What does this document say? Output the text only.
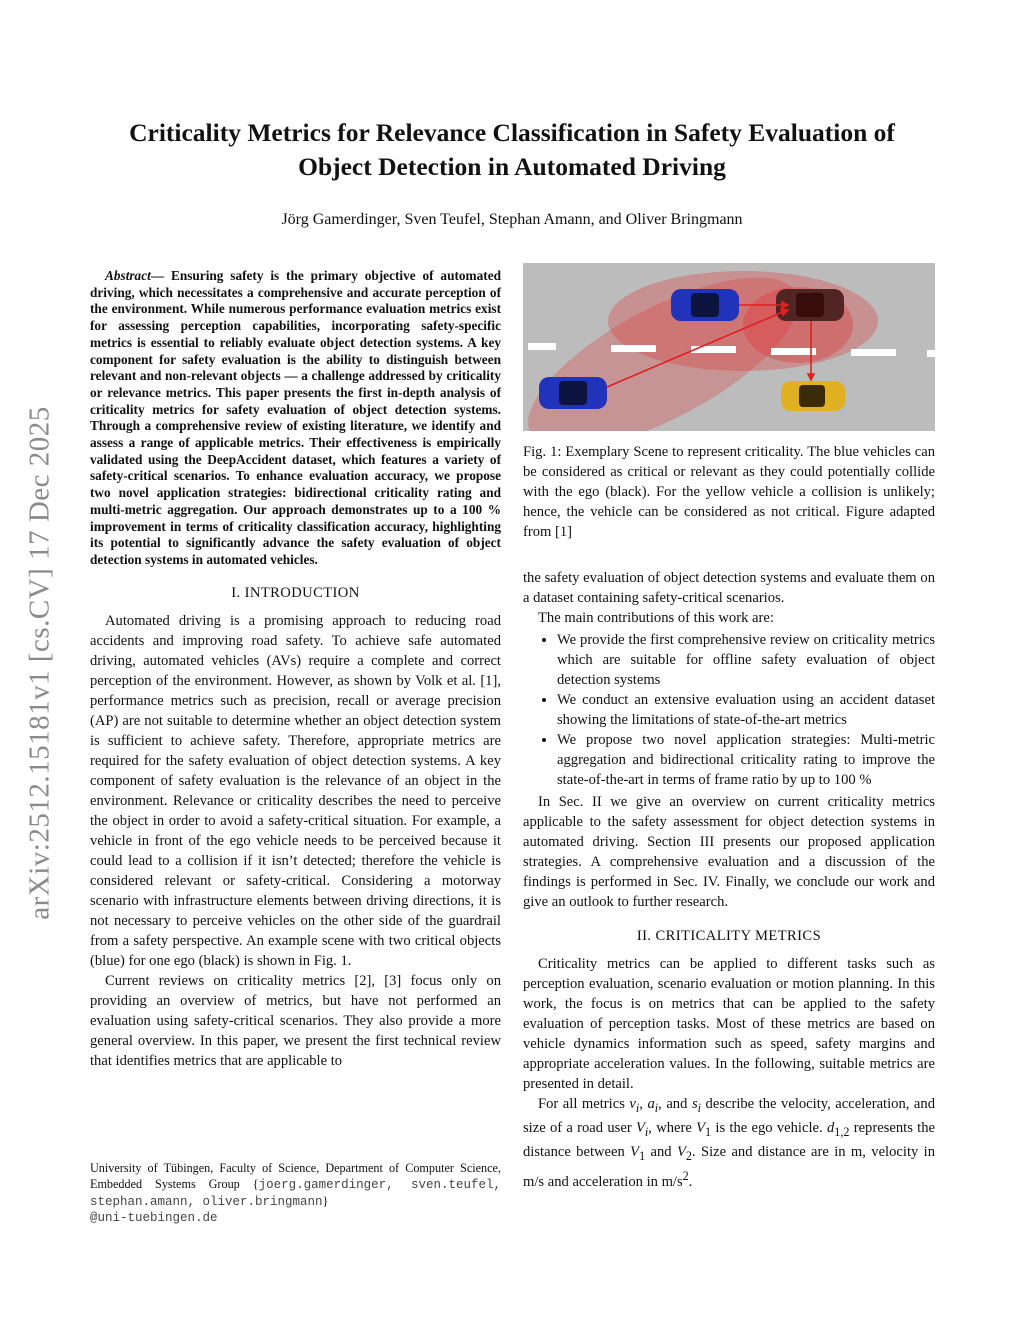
arXiv:2512.15181v1 [cs.CV] 17 Dec 2025
Criticality Metrics for Relevance Classification in Safety Evaluation of
Object Detection in Automated Driving
Jörg Gamerdinger, Sven Teufel, Stephan Amann, and Oliver Bringmann

Abstract— Ensuring safety is the primary objective of automated driving, which necessitates a comprehensive and accurate perception of the environment. While numerous performance evaluation metrics exist for assessing perception capabilities, incorporating safety-specific metrics is essential to reliably evaluate object detection systems. A key component for safety evaluation is the ability to distinguish between relevant and non-relevant objects — a challenge addressed by criticality or relevance metrics. This paper presents the first in-depth analysis of criticality metrics for safety evaluation of object detection systems. Through a comprehensive review of existing literature, we identify and assess a range of applicable metrics. Their effectiveness is empirically validated using the DeepAccident dataset, which features a variety of safety-critical scenarios. To enhance evaluation accuracy, we propose two novel application strategies: bidirectional criticality rating and multi-metric aggregation. Our approach demonstrates up to a 100 % improvement in terms of criticality classification accuracy, highlighting its potential to significantly advance the safety evaluation of object detection systems in automated vehicles.

I. INTRODUCTION

Automated driving is a promising approach to reducing road accidents and improving road safety. To achieve safe automated driving, automated vehicles (AVs) require a complete and correct perception of the environment. However, as shown by Volk et al. [1], performance metrics such as precision, recall or average precision (AP) are not suitable to determine whether an object detection system is sufficient to achieve safety. Therefore, appropriate metrics are required for the safety evaluation of object detection systems. A key component of safety evaluation is the relevance of an object in the environment. Relevance or criticality describes the need to perceive the object in order to avoid a safety-critical situation. For example, a vehicle in front of the ego vehicle needs to be perceived because it could lead to a collision if it isn’t detected; therefore the vehicle is considered relevant or safety-critical. Considering a motorway scenario with infrastructure elements between driving directions, it is not necessary to perceive vehicles on the other side of the guardrail from a safety perspective. An example scene with two critical objects (blue) for one ego (black) is shown in Fig. 1.

Current reviews on criticality metrics [2], [3] focus only on providing an overview of metrics, but have not performed an evaluation using safety-critical scenarios. They also provide a more general overview. In this paper, we present the first technical review that identifies metrics that are applicable to

University of Tübingen, Faculty of Science, Department of Computer Science, Embedded Systems Group {joerg.gamerdinger, sven.teufel, stephan.amann, oliver.bringmann}
@uni-tuebingen.de
Fig. 1: Exemplary Scene to represent criticality. The blue vehicles can be considered as critical or relevant as they could potentially collide with the ego (black). For the yellow vehicle a collision is unlikely; hence, the vehicle can be considered as not critical. Figure adapted from [1]

the safety evaluation of object detection systems and evaluate them on a dataset containing safety-critical scenarios.

The main contributions of this work are:

• We provide the first comprehensive review on criticality metrics which are suitable for offline safety evaluation of object detection systems
• We conduct an extensive evaluation using an accident dataset showing the limitations of state-of-the-art metrics
• We propose two novel application strategies: Multi-metric aggregation and bidirectional criticality rating to improve the state-of-the-art in terms of frame ratio by up to 100 %

In Sec. II we give an overview on current criticality metrics applicable to the safety assessment for object detection systems in automated driving. Section III presents our proposed application strategies. A comprehensive evaluation and a discussion of the findings is performed in Sec. IV. Finally, we conclude our work and give an outlook to further research.

II. CRITICALITY METRICS

Criticality metrics can be applied to different tasks such as perception evaluation, scenario evaluation or motion planning. In this work, the focus is on metrics that can be applied to the safety evaluation of perception tasks. Most of these metrics are based on vehicle dynamics information such as speed, safety margins and appropriate acceleration values. In the following, suitable metrics are presented in detail.

For all metrics $v_i$, $a_i$, and $s_i$ describe the velocity, acceleration, and size of a road user $V_i$, where $V_1$ is the ego vehicle. $d_{1,2}$ represents the distance between $V_1$ and $V_2$. Size and distance are in m, velocity in m/s and acceleration in $m/s^2$.
